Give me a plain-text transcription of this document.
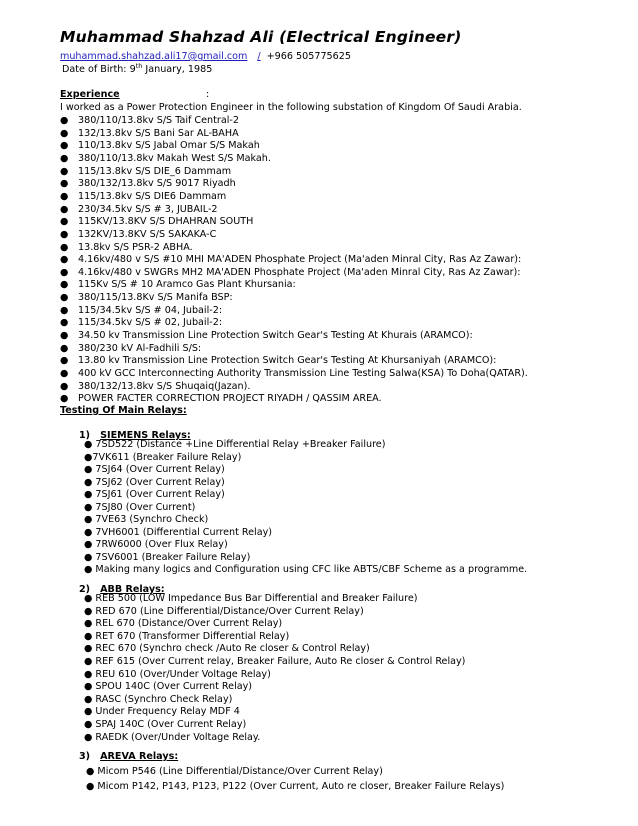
Muhammad Shahzad Ali (Electrical Engineer)
muhammad.shahzad.ali17@gmail.com / +966 505775625
Date of Birth: 9th January, 1985
Experience	:
I worked as a Power Protection Engineer in the following substation of Kingdom Of Saudi Arabia.
● 380/110/13.8kv S/S Taif Central-2
● 132/13.8kv S/S Bani Sar AL-BAHA
● 110/13.8kv S/S Jabal Omar S/S Makah
● 380/110/13.8kv Makah West S/S Makah.
● 115/13.8kv S/S DIE_6 Dammam
● 380/132/13.8kv S/S 9017 Riyadh
● 115/13.8kv S/S DIE6 Dammam
● 230/34.5kv S/S # 3, JUBAIL-2
● 115KV/13.8KV S/S DHAHRAN SOUTH
● 132KV/13.8KV S/S SAKAKA-C
● 13.8kv S/S PSR-2 ABHA.
● 4.16kv/480 v S/S #10 MHI MA'ADEN Phosphate Project (Ma'aden Minral City, Ras Az Zawar):
● 4.16kv/480 v SWGRs MH2 MA'ADEN Phosphate Project (Ma'aden Minral City, Ras Az Zawar):
● 115Kv S/S # 10 Aramco Gas Plant Khursania:
● 380/115/13.8Kv S/S Manifa BSP:
● 115/34.5kv S/S # 04, Jubail-2:
● 115/34.5kv S/S # 02, Jubail-2:
● 34.50 kv Transmission Line Protection Switch Gear's Testing At Khurais (ARAMCO):
● 380/230 kV Al-Fadhili S/S:
● 13.80 kv Transmission Line Protection Switch Gear's Testing At Khursaniyah (ARAMCO):
● 400 kV GCC Interconnecting Authority Transmission Line Testing Salwa(KSA) To Doha(QATAR).
● 380/132/13.8kv S/S Shuqaiq(Jazan).
● POWER FACTER CORRECTION PROJECT RIYADH / QASSIM AREA.
Testing Of Main Relays:
1) SIEMENS Relays:
● 7SD522 (Distance +Line Differential Relay +Breaker Failure)
●7VK611 (Breaker Failure Relay)
● 7SJ64 (Over Current Relay)
● 7SJ62 (Over Current Relay)
● 7SJ61 (Over Current Relay)
● 7SJ80 (Over Current)
● 7VE63 (Synchro Check)
● 7VH6001 (Differential Current Relay)
● 7RW6000 (Over Flux Relay)
● 7SV6001 (Breaker Failure Relay)
● Making many logics and Configuration using CFC like ABTS/CBF Scheme as a programme.
2) ABB Relays:
● REB 500 (LOW Impedance Bus Bar Differential and Breaker Failure)
● RED 670 (Line Differential/Distance/Over Current Relay)
● REL 670 (Distance/Over Current Relay)
● RET 670 (Transformer Differential Relay)
● REC 670 (Synchro check /Auto Re closer & Control Relay)
● REF 615 (Over Current relay, Breaker Failure, Auto Re closer & Control Relay)
● REU 610 (Over/Under Voltage Relay)
● SPOU 140C (Over Current Relay)
● RASC (Synchro Check Relay)
● Under Frequency Relay MDF 4
● SPAJ 140C (Over Current Relay)
● RAEDK (Over/Under Voltage Relay.
3) AREVA Relays:
● Micom P546 (Line Differential/Distance/Over Current Relay)
● Micom P142, P143, P123, P122 (Over Current, Auto re closer, Breaker Failure Relays)
